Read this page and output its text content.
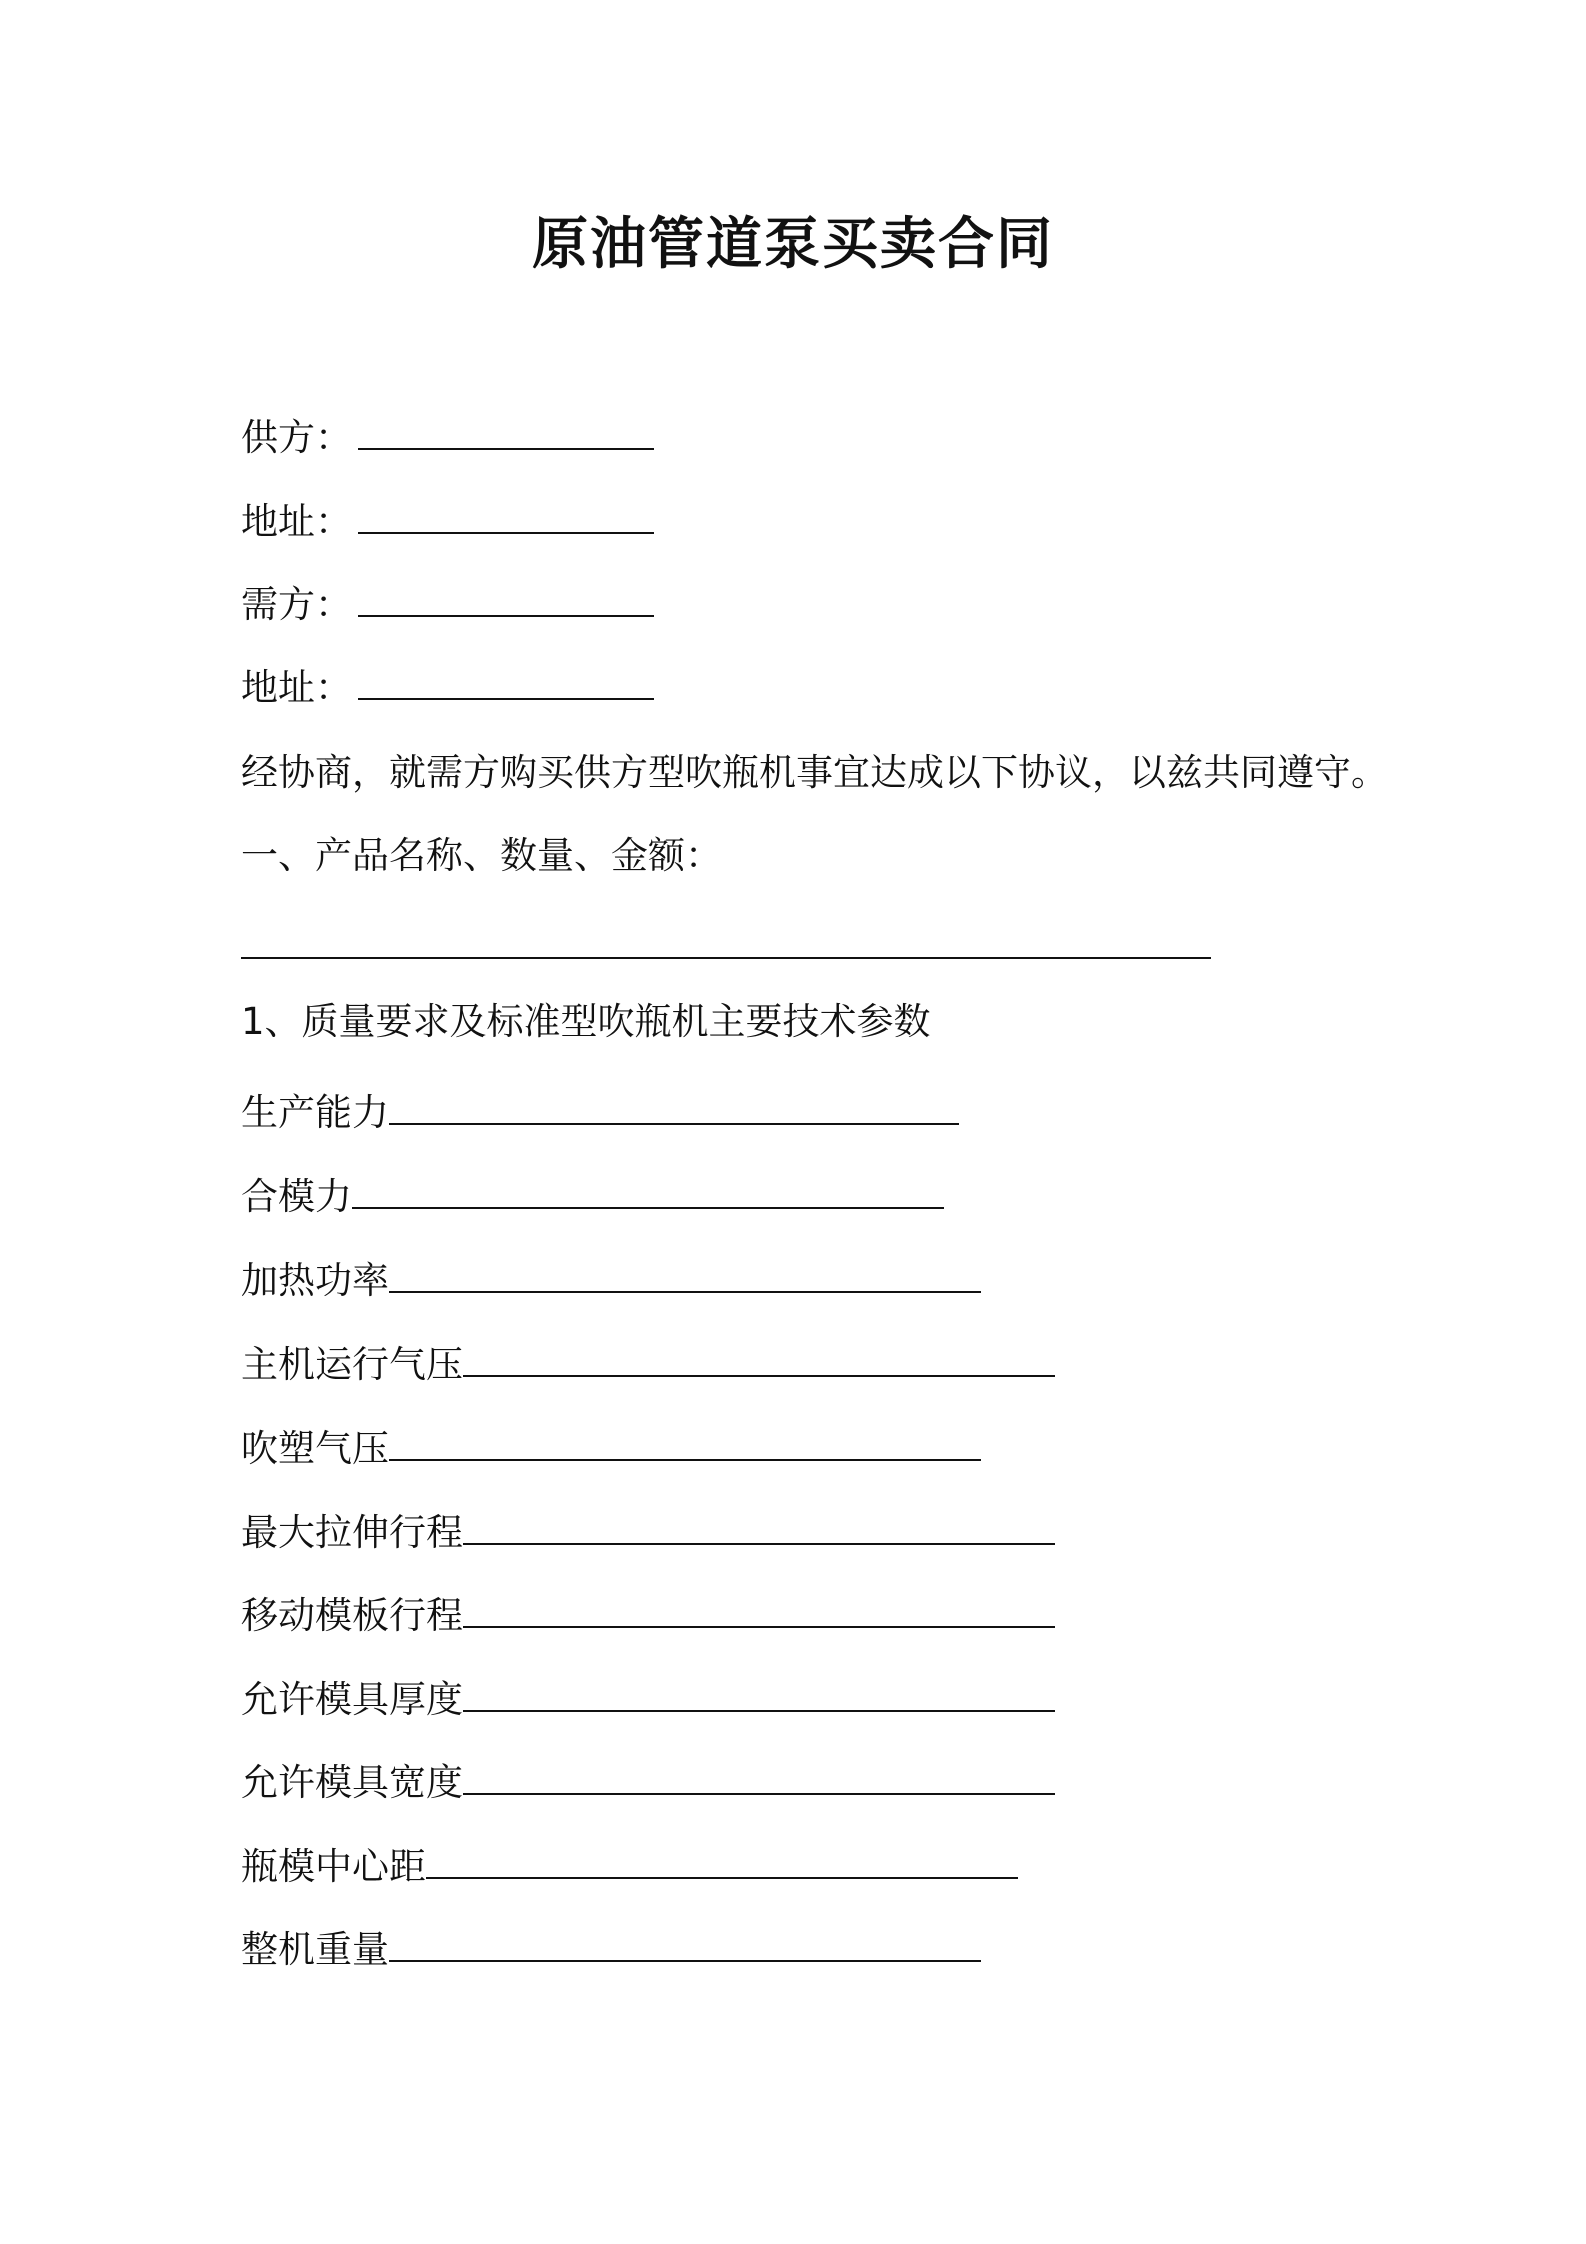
原油管道泵买卖合同
供方：
地址：
需方：
地址：
经协商，就需方购买供方型吹瓶机事宜达成以下协议，以兹共同遵守。
一、产品名称、数量、金额：
1、质量要求及标准型吹瓶机主要技术参数
生产能力
合模力
加热功率
主机运行气压
吹塑气压
最大拉伸行程
移动模板行程
允许模具厚度
允许模具宽度
瓶模中心距
整机重量
